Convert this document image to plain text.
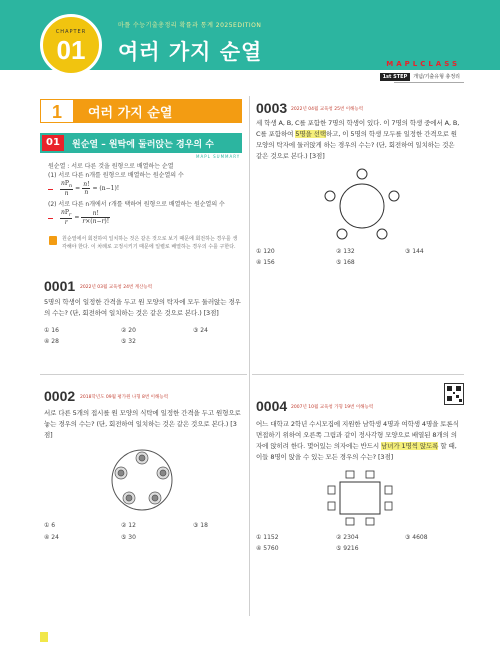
마플 수능기출총정리 확률과 통계 2025EDITION
여러 가지 순열
CHAPTER
01	MAPLCLASS
1st STEP 개념/기출유형 총정리
1	여러 가지 순열
01	원순열 – 원탁에 둘러앉는 경우의 수
MAPL SUMMARY
원순열 : 서로 다른 것을 원형으로 배열하는 순열
(1) 서로 다른 n개를 원형으로 배열하는 원순열의 수
$\frac{nP_n}{n} = \frac{n!}{n} = (n-1)$!
(2) 서로 다른 n개에서 r개를 택하여 원형으로 배열하는 원순열의 수
$\frac{nP_r}{r} = \frac{n!}{r\times(n-r)!}$
원순열에서 회전하여 일치하는 것은 같은 것으로 보기 때문에 회전하는 경우를 생각해야 한다. 이 차례로 고정시키기 때문에 일렬로 배열하는 경우의 수를 구한다.
0001 2022년 03월 교육청 24번 계산능력
5명의 학생이 일정한 간격을 두고 원 모양의 탁자에 모두 둘러앉는 경우의 수는? (단, 회전하여 일치하는 것은 같은 것으로 본다.) [3점]
① 16	② 20	③ 24
④ 28	⑤ 32
0002 2018학년도 09월 평가원 나형 8번 이해능력
서로 다른 5개의 접시를 원 모양의 식탁에 일정한 간격을 두고 원형으로 놓는 경우의 수는? (단, 회전하여 일치하는 것은 같은 것으로 본다.) [3점]
① 6	② 12	③ 18
④ 24	⑤ 30
0003 2022년 04월 교육청 25번 이해능력
세 학생 A, B, C를 포함한 7명의 학생이 있다. 이 7명의 학생 중에서 A, B, C를 포함하여 5명을 선택하고, 이 5명의 학생 모두를 일정한 간격으로 원 모양의 탁자에 둘러앉게 하는 경우의 수는? (단, 회전하여 일치하는 것은 같은 것으로 본다.) [3점]
① 120	② 132	③ 144
④ 156	⑤ 168
0004 2007년 10월 교육청 가형 19번 이해능력
어느 대학교 2학년 수시모집에 지원한 남학생 4명과 여학생 4명을 토론식 면접하기 위하여 오른쪽 그림과 같이 정사각형 모양으로 배열된 8개의 의자에 앉히려 한다. 몇어있는 의자에는 반드시 남녀가 1명씩 앉도록 할 때, 이들 8명이 앉을 수 있는 모든 경우의 수는? [3점]
① 1152	② 2304	③ 4608
④ 5760	⑤ 9216
